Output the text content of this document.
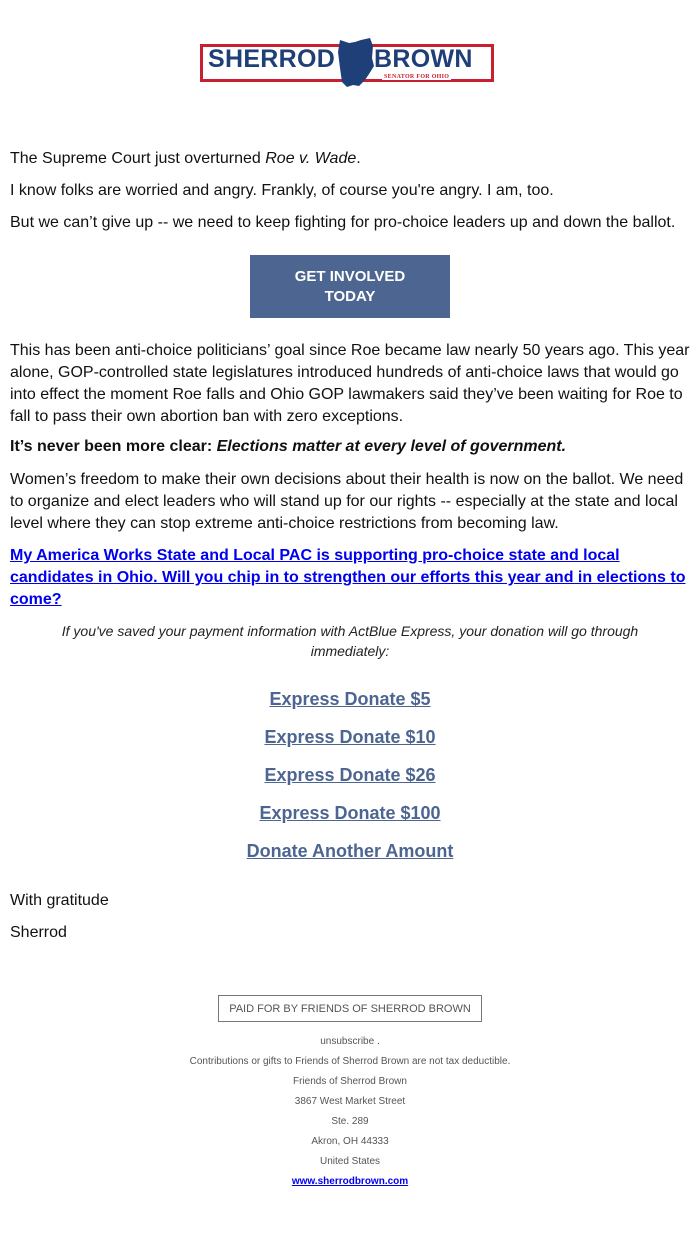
SHERROD BROWN
SENATOR FOR OHIO

The Supreme Court just overturned Roe v. Wade.

I know folks are worried and angry. Frankly, of course you're angry. I am, too.

But we can’t give up -- we need to keep fighting for pro-choice leaders up and down the ballot.

GET INVOLVED TODAY

This has been anti-choice politicians’ goal since Roe became law nearly 50 years ago. This year alone, GOP-controlled state legislatures introduced hundreds of anti-choice laws that would go into effect the moment Roe falls and Ohio GOP lawmakers said they’ve been waiting for Roe to fall to pass their own abortion ban with zero exceptions.

It’s never been more clear: Elections matter at every level of government.

Women’s freedom to make their own decisions about their health is now on the ballot. We need to organize and elect leaders who will stand up for our rights -- especially at the state and local level where they can stop extreme anti-choice restrictions from becoming law.

My America Works State and Local PAC is supporting pro-choice state and local candidates in Ohio. Will you chip in to strengthen our efforts this year and in elections to come?

If you've saved your payment information with ActBlue Express, your donation will go through immediately:
Express Donate $5
Express Donate $10
Express Donate $26
Express Donate $100
Donate Another Amount

With gratitude

Sherrod

PAID FOR BY FRIENDS OF SHERROD BROWN
unsubscribe .
Contributions or gifts to Friends of Sherrod Brown are not tax deductible.
Friends of Sherrod Brown
3867 West Market Street
Ste. 289
Akron, OH 44333
United States
www.sherrodbrown.com
